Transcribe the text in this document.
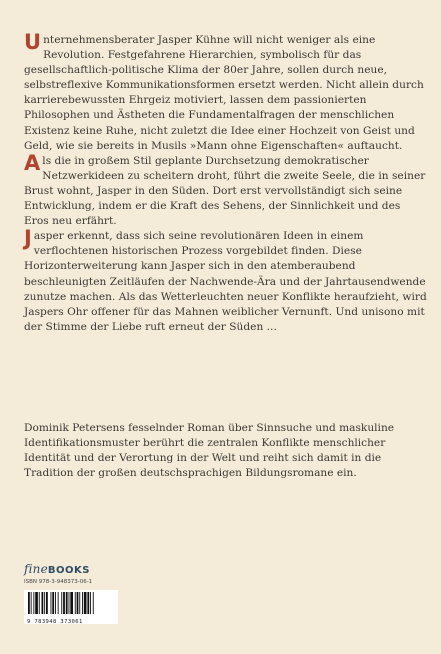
Unternehmensberater Jasper Kühne will nicht weniger als eine Revolution. Festgefahrene Hierarchien, symbolisch für das gesellschaftlich-politische Klima der 80er Jahre, sollen durch neue, selbstreflexive Kommunikationsformen ersetzt werden. Nicht allein durch karrierebewussten Ehrgeiz motiviert, lassen dem passionierten Philosophen und Ästheten die Fundamentalfragen der menschlichen Existenz keine Ruhe, nicht zuletzt die Idee einer Hochzeit von Geist und Geld, wie sie bereits in Musils »Mann ohne Eigenschaften« auftaucht.

Als die in großem Stil geplante Durchsetzung demokratischer Netzwerkideen zu scheitern droht, führt die zweite Seele, die in seiner Brust wohnt, Jasper in den Süden. Dort erst vervollständigt sich seine Entwicklung, indem er die Kraft des Sehens, der Sinnlichkeit und des Eros neu erfährt.

Jasper erkennt, dass sich seine revolutionären Ideen in einem verflochtenen historischen Prozess vorgebildet finden. Diese Horizonterweiterung kann Jasper sich in den atemberaubend beschleunigten Zeitläufen der Nachwende-Ära und der Jahrtausendwende zunutze machen. Als das Wetterleuchten neuer Konflikte heraufzieht, wird Jaspers Ohr offener für das Mahnen weiblicher Vernunft. Und unisono mit der Stimme der Liebe ruft erneut der Süden ...

Dominik Petersens fesselnder Roman über Sinnsuche und maskuline Identifikationsmuster berührt die zentralen Konflikte menschlicher Identität und der Verortung in der Welt und reiht sich damit in die Tradition der großen deutschsprachigen Bildungsromane ein.

fineBOOKS
ISBN 978-3-948373-06-1
9 783948 373061
